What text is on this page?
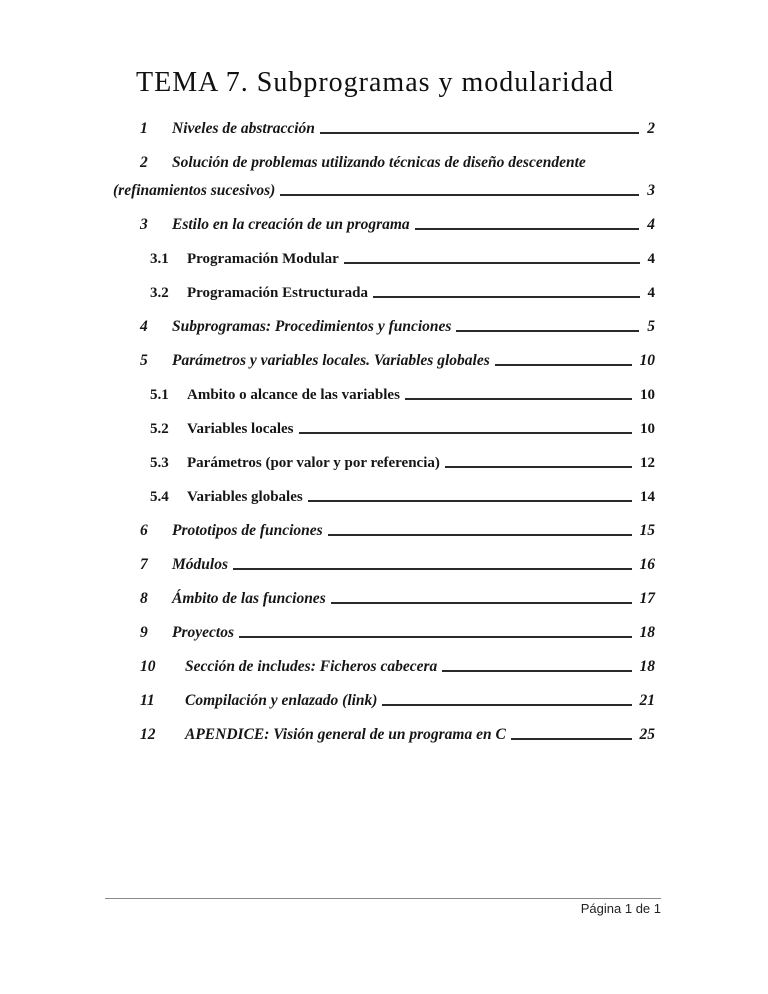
TEMA 7. Subprogramas y modularidad
1	Niveles de abstracción	2
2	Solución de problemas utilizando técnicas de diseño descendente
(refinamientos sucesivos)	3
3	Estilo en la creación de un programa	4
3.1	Programación Modular	4
3.2	Programación Estructurada	4
4	Subprogramas: Procedimientos y funciones	5
5	Parámetros y variables locales. Variables globales	10
5.1	Ambito o alcance de las variables	10
5.2	Variables locales	10
5.3	Parámetros (por valor y por referencia)	12
5.4	Variables globales	14
6	Prototipos de funciones	15
7	Módulos	16
8	Ámbito de las funciones	17
9	Proyectos	18
10	Sección de includes: Ficheros cabecera	18
11	Compilación y enlazado (link)	21
12	APENDICE: Visión general de un programa en C	25
Página 1 de 1
